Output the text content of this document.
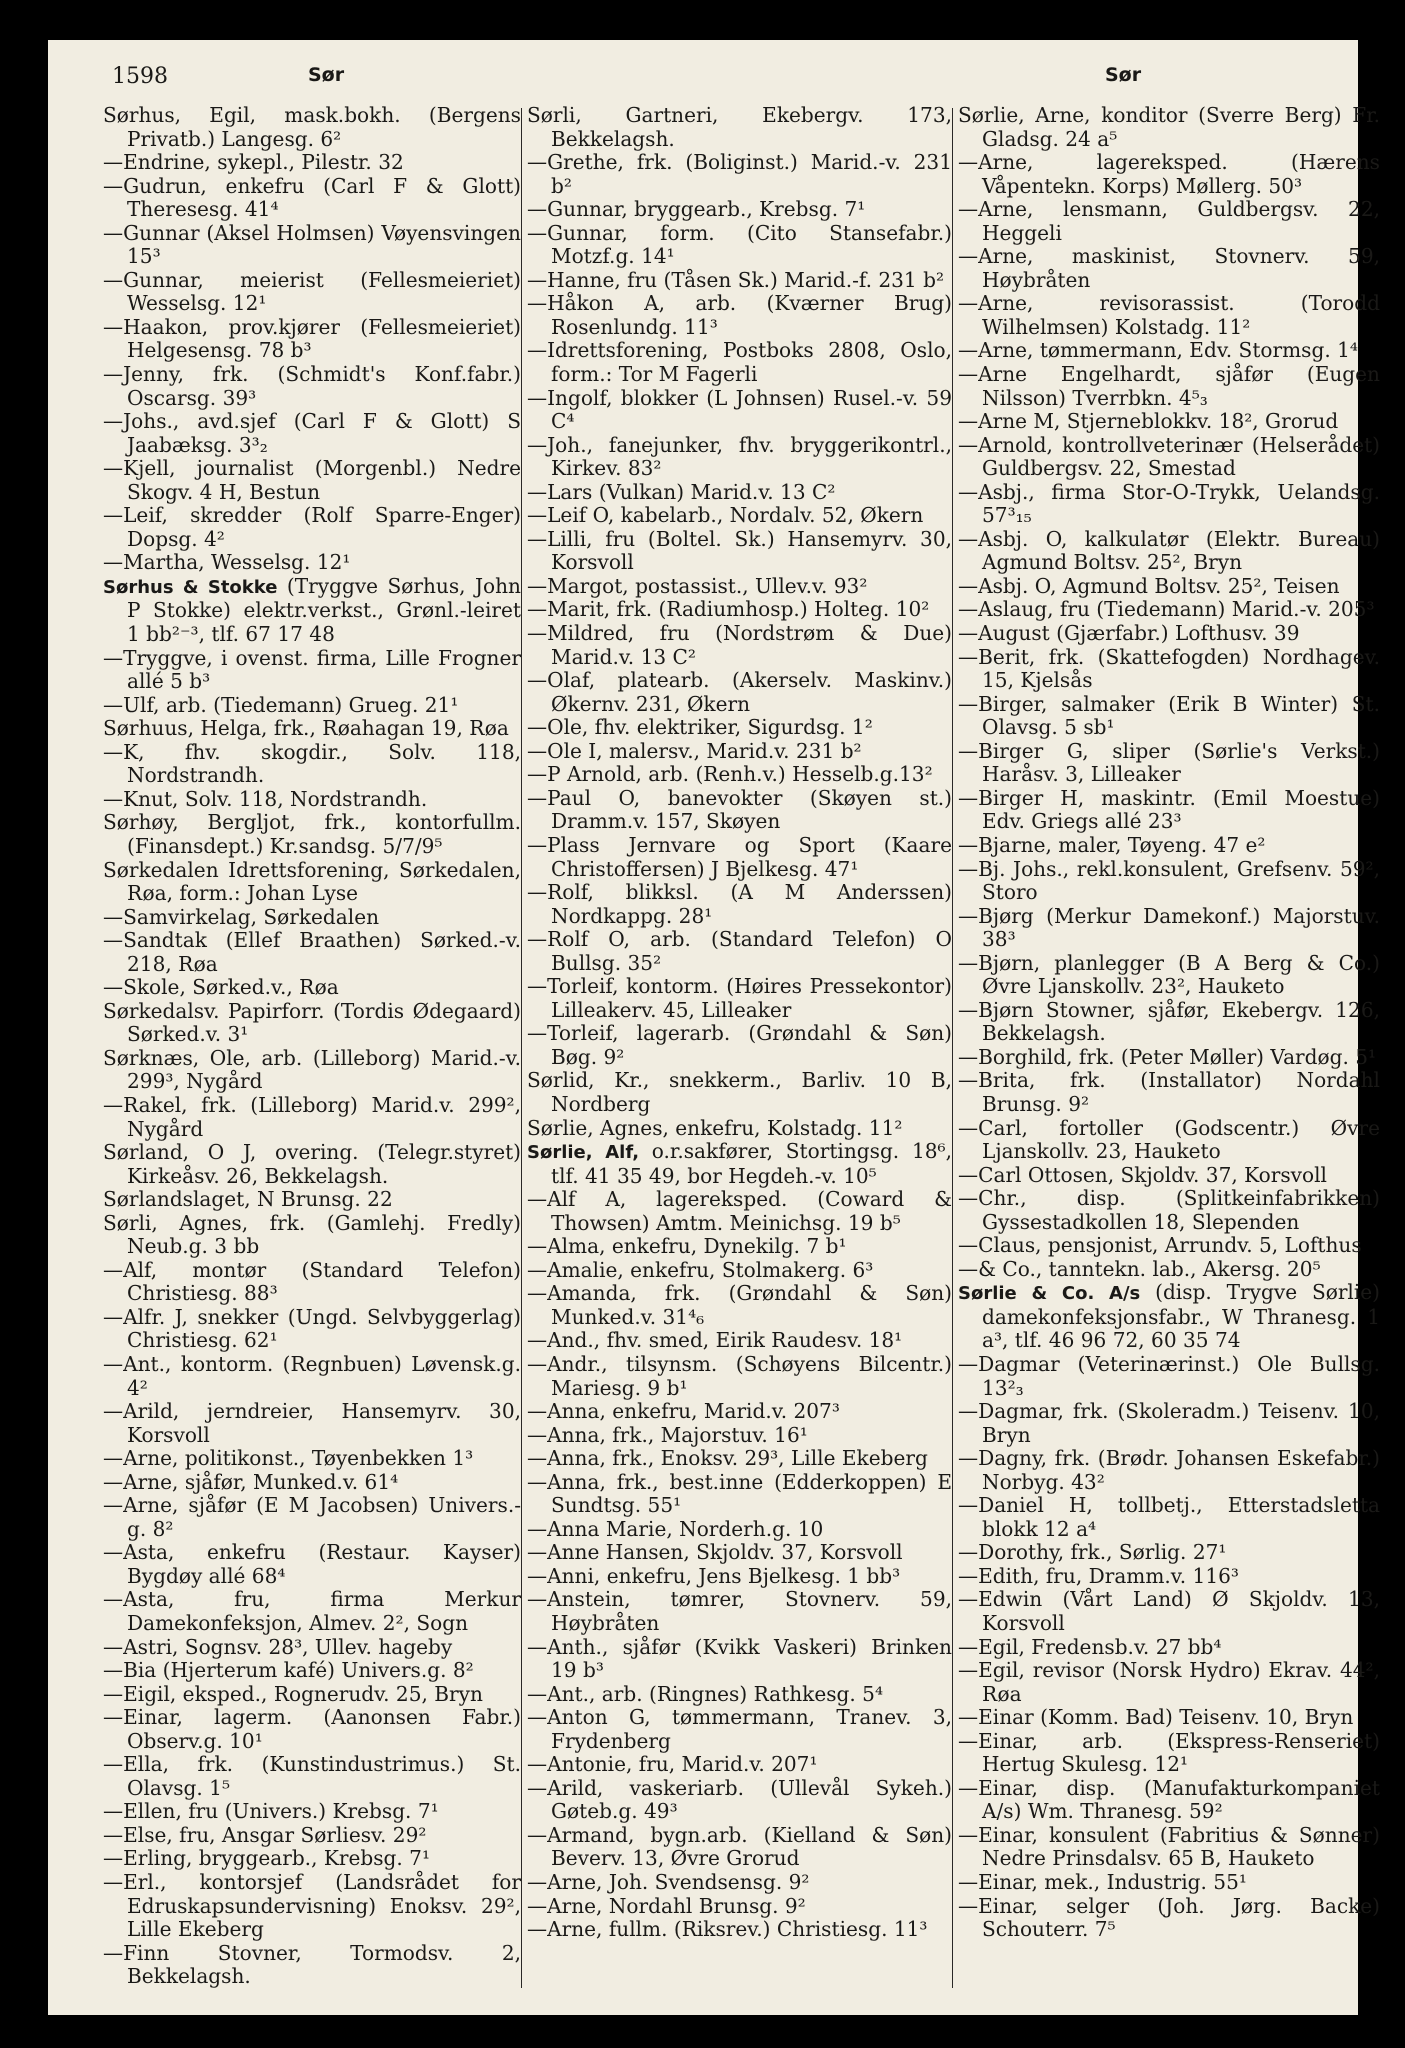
1598	Sør	Sør

Sørhus, Egil, mask.bokh. (Bergens Privatb.) Langesg. 6²

—Endrine, sykepl., Pilestr. 32

—Gudrun, enkefru (Carl F & Glott) Theresesg. 41⁴

—Gunnar (Aksel Holmsen) Vøyensvingen 15³

—Gunnar, meierist (Fellesmeieriet) Wesselsg. 12¹

—Haakon, prov.kjører (Fellesmeieriet) Helgesensg. 78 b³

—Jenny, frk. (Schmidt's Konf.fabr.) Oscarsg. 39³

—Johs., avd.sjef (Carl F & Glott) S Jaabæksg. 3³₂

—Kjell, journalist (Morgenbl.) Nedre Skogv. 4 H, Bestun

—Leif, skredder (Rolf Sparre-Enger) Dopsg. 4²

—Martha, Wesselsg. 12¹

Sørhus & Stokke (Tryggve Sørhus, John P Stokke) elektr.verkst., Grønl.-leiret 1 bb²⁻³, tlf. 67 17 48

—Tryggve, i ovenst. firma, Lille Frogner allé 5 b³

—Ulf, arb. (Tiedemann) Grueg. 21¹

Sørhuus, Helga, frk., Røahagan 19, Røa

—K, fhv. skogdir., Solv. 118, Nordstrandh.

—Knut, Solv. 118, Nordstrandh.

Sørhøy, Bergljot, frk., kontorfullm. (Finansdept.) Kr.sandsg. 5/7/9⁵

Sørkedalen Idrettsforening, Sørkedalen, Røa, form.: Johan Lyse

—Samvirkelag, Sørkedalen

—Sandtak (Ellef Braathen) Sørked.-v. 218, Røa

—Skole, Sørked.v., Røa

Sørkedalsv. Papirforr. (Tordis Ødegaard) Sørked.v. 3¹

Sørknæs, Ole, arb. (Lilleborg) Marid.-v. 299³, Nygård

—Rakel, frk. (Lilleborg) Marid.v. 299², Nygård

Sørland, O J, overing. (Telegr.styret) Kirkeåsv. 26, Bekkelagsh.

Sørlandslaget, N Brunsg. 22

Sørli, Agnes, frk. (Gamlehj. Fredly) Neub.g. 3 bb

—Alf, montør (Standard Telefon) Christiesg. 88³

—Alfr. J, snekker (Ungd. Selvbyggerlag) Christiesg. 62¹

—Ant., kontorm. (Regnbuen) Løvensk.g. 4²

—Arild, jerndreier, Hansemyrv. 30, Korsvoll

—Arne, politikonst., Tøyenbekken 1³

—Arne, sjåfør, Munked.v. 61⁴

—Arne, sjåfør (E M Jacobsen) Univers.-g. 8²

—Asta, enkefru (Restaur. Kayser) Bygdøy allé 68⁴

—Asta, fru, firma Merkur Damekonfeksjon, Almev. 2², Sogn

—Astri, Sognsv. 28³, Ullev. hageby

—Bia (Hjerterum kafé) Univers.g. 8²

—Eigil, eksped., Rognerudv. 25, Bryn

—Einar, lagerm. (Aanonsen Fabr.) Observ.g. 10¹

—Ella, frk. (Kunstindustrimus.) St. Olavsg. 1⁵

—Ellen, fru (Univers.) Krebsg. 7¹

—Else, fru, Ansgar Sørliesv. 29²

—Erling, bryggearb., Krebsg. 7¹

—Erl., kontorsjef (Landsrådet for Edruskapsundervisning) Enoksv. 29², Lille Ekeberg

—Finn Stovner, Tormodsv. 2, Bekkelagsh.

Sørli, Gartneri, Ekebergv. 173, Bekkelagsh.

—Grethe, frk. (Boliginst.) Marid.-v. 231 b²

—Gunnar, bryggearb., Krebsg. 7¹

—Gunnar, form. (Cito Stansefabr.) Motzf.g. 14¹

—Hanne, fru (Tåsen Sk.) Marid.-f. 231 b²

—Håkon A, arb. (Kværner Brug) Rosenlundg. 11³

—Idrettsforening, Postboks 2808, Oslo, form.: Tor M Fagerli

—Ingolf, blokker (L Johnsen) Rusel.-v. 59 C⁴

—Joh., fanejunker, fhv. bryggerikontrl., Kirkev. 83²

—Lars (Vulkan) Marid.v. 13 C²

—Leif O, kabelarb., Nordalv. 52, Økern

—Lilli, fru (Boltel. Sk.) Hansemyrv. 30, Korsvoll

—Margot, postassist., Ullev.v. 93²

—Marit, frk. (Radiumhosp.) Holteg. 10²

—Mildred, fru (Nordstrøm & Due) Marid.v. 13 C²

—Olaf, platearb. (Akerselv. Maskinv.) Økernv. 231, Økern

—Ole, fhv. elektriker, Sigurdsg. 1²

—Ole I, malersv., Marid.v. 231 b²

—P Arnold, arb. (Renh.v.) Hesselb.g.13²

—Paul O, banevokter (Skøyen st.) Dramm.v. 157, Skøyen

—Plass Jernvare og Sport (Kaare Christoffersen) J Bjelkesg. 47¹

—Rolf, blikksl. (A M Anderssen) Nordkappg. 28¹

—Rolf O, arb. (Standard Telefon) O Bullsg. 35²

—Torleif, kontorm. (Høires Pressekontor) Lilleakerv. 45, Lilleaker

—Torleif, lagerarb. (Grøndahl & Søn) Bøg. 9²

Sørlid, Kr., snekkerm., Barliv. 10 B, Nordberg

Sørlie, Agnes, enkefru, Kolstadg. 11²

Sørlie, Alf, o.r.sakfører, Stortingsg. 18⁶, tlf. 41 35 49, bor Hegdeh.-v. 10⁵

—Alf A, lagereksped. (Coward & Thowsen) Amtm. Meinichsg. 19 b⁵

—Alma, enkefru, Dynekilg. 7 b¹

—Amalie, enkefru, Stolmakerg. 6³

—Amanda, frk. (Grøndahl & Søn) Munked.v. 31⁴₆

—And., fhv. smed, Eirik Raudesv. 18¹

—Andr., tilsynsm. (Schøyens Bilcentr.) Mariesg. 9 b¹

—Anna, enkefru, Marid.v. 207³

—Anna, frk., Majorstuv. 16¹

—Anna, frk., Enoksv. 29³, Lille Ekeberg

—Anna, frk., best.inne (Edderkoppen) E Sundtsg. 55¹

—Anna Marie, Norderh.g. 10

—Anne Hansen, Skjoldv. 37, Korsvoll

—Anni, enkefru, Jens Bjelkesg. 1 bb³

—Anstein, tømrer, Stovnerv. 59, Høybråten

—Anth., sjåfør (Kvikk Vaskeri) Brinken 19 b³

—Ant., arb. (Ringnes) Rathkesg. 5⁴

—Anton G, tømmermann, Tranev. 3, Frydenberg

—Antonie, fru, Marid.v. 207¹

—Arild, vaskeriarb. (Ullevål Sykeh.) Gøteb.g. 49³

—Armand, bygn.arb. (Kielland & Søn) Beverv. 13, Øvre Grorud

—Arne, Joh. Svendsensg. 9²

—Arne, Nordahl Brunsg. 9²

—Arne, fullm. (Riksrev.) Christiesg. 11³

Sørlie, Arne, konditor (Sverre Berg) Fr. Gladsg. 24 a⁵

—Arne, lagereksped. (Hærens Våpentekn. Korps) Møllerg. 50³

—Arne, lensmann, Guldbergsv. 22, Heggeli

—Arne, maskinist, Stovnerv. 59, Høybråten

—Arne, revisorassist. (Torodd Wilhelmsen) Kolstadg. 11²

—Arne, tømmermann, Edv. Stormsg. 1⁴

—Arne Engelhardt, sjåfør (Eugen Nilsson) Tverrbkn. 4⁵₃

—Arne M, Stjerneblokkv. 18², Grorud

—Arnold, kontrollveterinær (Helserådet) Guldbergsv. 22, Smestad

—Asbj., firma Stor-O-Trykk, Uelandsg. 57³₁₅

—Asbj. O, kalkulatør (Elektr. Bureau) Agmund Boltsv. 25², Bryn

—Asbj. O, Agmund Boltsv. 25², Teisen

—Aslaug, fru (Tiedemann) Marid.-v. 205³

—August (Gjærfabr.) Lofthusv. 39

—Berit, frk. (Skattefogden) Nordhagev. 15, Kjelsås

—Birger, salmaker (Erik B Winter) St. Olavsg. 5 sb¹

—Birger G, sliper (Sørlie's Verkst.) Haråsv. 3, Lilleaker

—Birger H, maskintr. (Emil Moestue) Edv. Griegs allé 23³

—Bjarne, maler, Tøyeng. 47 e²

—Bj. Johs., rekl.konsulent, Grefsenv. 59², Storo

—Bjørg (Merkur Damekonf.) Majorstuv. 38³

—Bjørn, planlegger (B A Berg & Co.) Øvre Ljanskollv. 23², Hauketo

—Bjørn Stowner, sjåfør, Ekebergv. 126, Bekkelagsh.

—Borghild, frk. (Peter Møller) Vardøg. 5¹

—Brita, frk. (Installator) Nordahl Brunsg. 9²

—Carl, fortoller (Godscentr.) Øvre Ljanskollv. 23, Hauketo

—Carl Ottosen, Skjoldv. 37, Korsvoll

—Chr., disp. (Splitkeinfabrikken) Gyssestadkollen 18, Slependen

—Claus, pensjonist, Arrundv. 5, Lofthus

—& Co., tanntekn. lab., Akersg. 20⁵

Sørlie & Co. A/s (disp. Trygve Sørlie) damekonfeksjonsfabr., W Thranesg. 1 a³, tlf. 46 96 72, 60 35 74

—Dagmar (Veterinærinst.) Ole Bullsg. 13²₃

—Dagmar, frk. (Skoleradm.) Teisenv. 10, Bryn

—Dagny, frk. (Brødr. Johansen Eskefabr.) Norbyg. 43²

—Daniel H, tollbetj., Etterstadsletta blokk 12 a⁴

—Dorothy, frk., Sørlig. 27¹

—Edith, fru, Dramm.v. 116³

—Edwin (Vårt Land) Ø Skjoldv. 13, Korsvoll

—Egil, Fredensb.v. 27 bb⁴

—Egil, revisor (Norsk Hydro) Ekrav. 44², Røa

—Einar (Komm. Bad) Teisenv. 10, Bryn

—Einar, arb. (Ekspress-Renseriet) Hertug Skulesg. 12¹

—Einar, disp. (Manufakturkompaniet A/s) Wm. Thranesg. 59²

—Einar, konsulent (Fabritius & Sønner) Nedre Prinsdalsv. 65 B, Hauketo

—Einar, mek., Industrig. 55¹

—Einar, selger (Joh. Jørg. Backe) Schouterr. 7⁵
